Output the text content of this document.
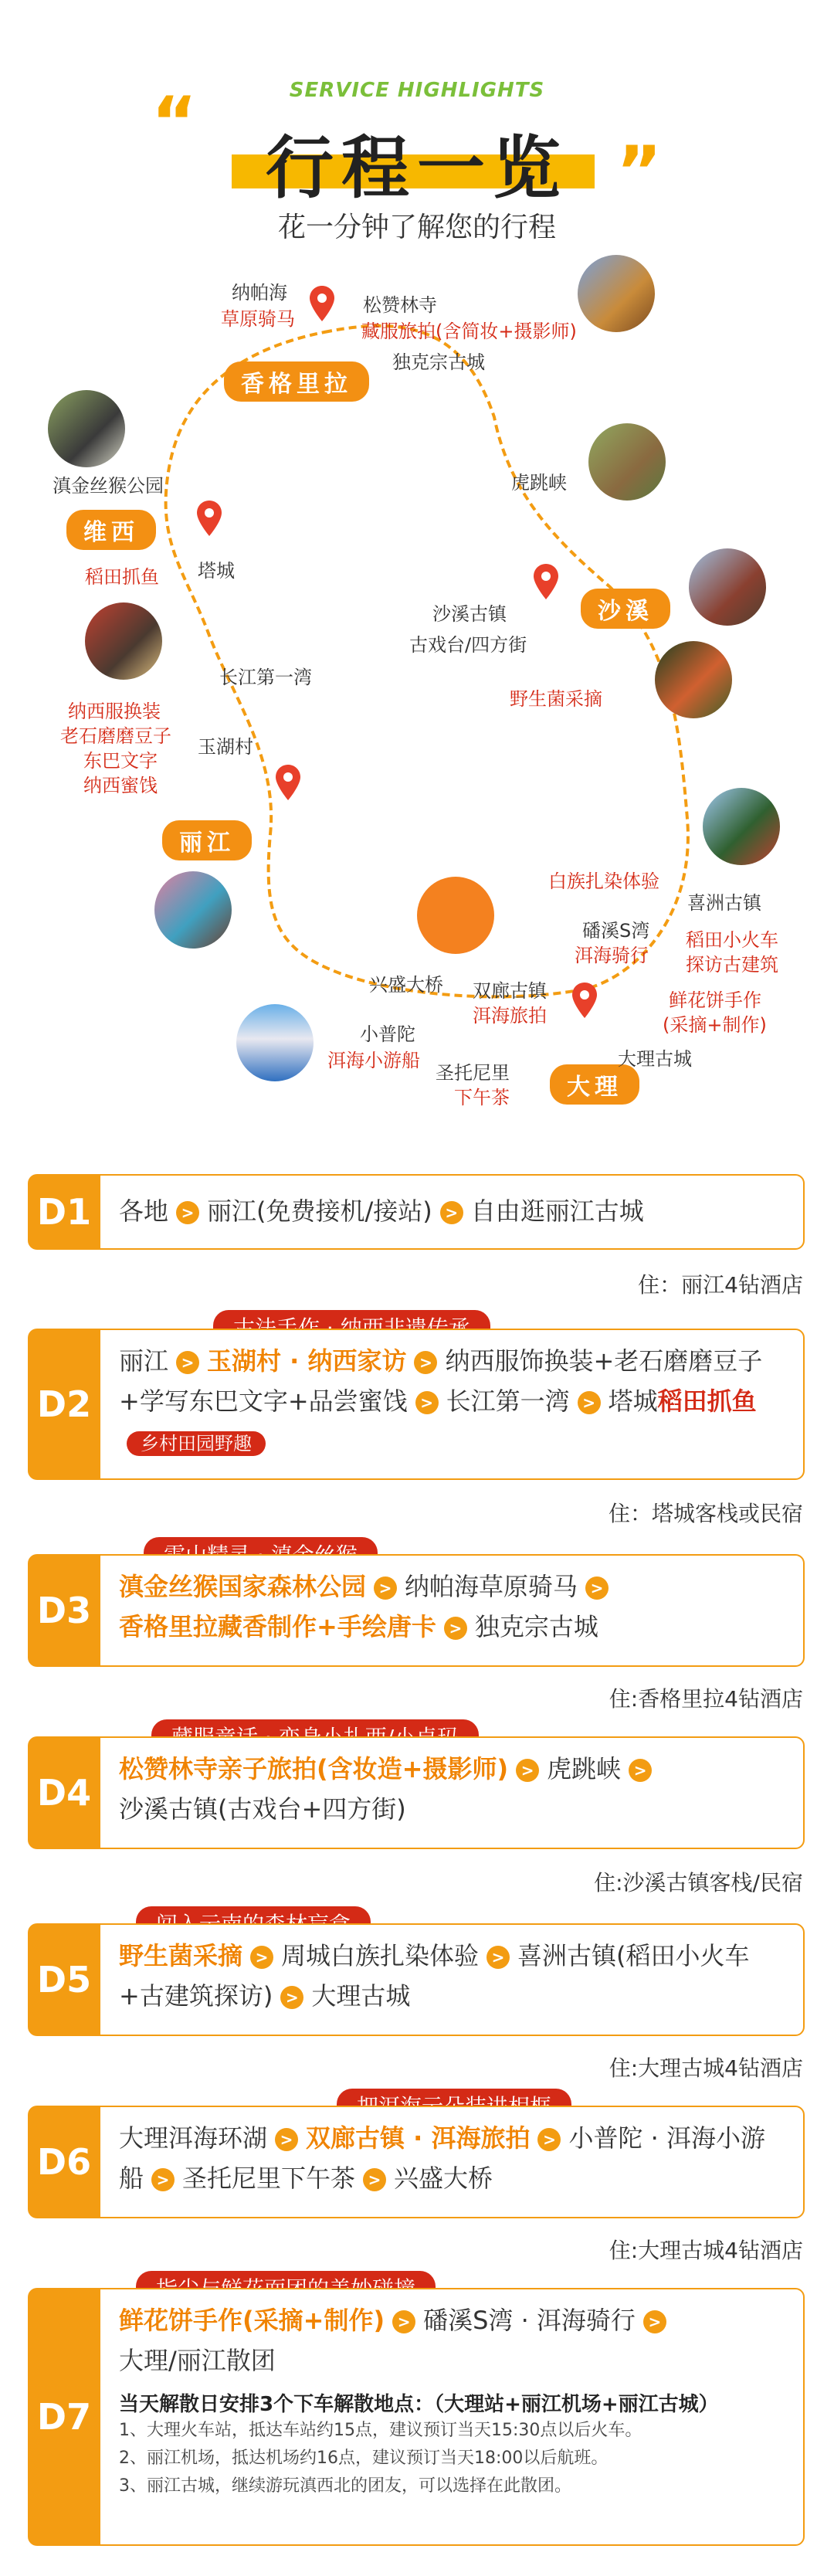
SERVICE HIGHLIGHTS
“
行程一览 ”
花一分钟了解您的行程
香格里拉
维西
沙溪
丽江
大理
纳帕海
草原骑马
松赞林寺
藏服旅拍(含简妆+摄影师)
独克宗古城
滇金丝猴公园	虎跳峡
稻田抓鱼 塔城
沙溪古镇
古戏台/四方街
长江第一湾
野生菌采摘
纳西服换装
老石磨磨豆子
东巴文字
纳西蜜饯
玉湖村
白族扎染体验
喜洲古镇
稻田小火车
探访古建筑
磻溪S湾
洱海骑行
鲜花饼手作
(采摘+制作)
兴盛大桥 双廊古镇
洱海旅拍
小普陀
洱海小游船
圣托尼里
下午茶
大理古城
D1	各地 > 丽江(免费接机/接站) > 自由逛丽江古城
住：丽江4钻酒店
D2
丽江 > 玉湖村 · 纳西家访 > 纳西服饰换装+老石磨磨豆子+学写东巴文字+品尝蜜饯 > 长江第一湾 > 塔城稻田抓鱼 乡村田园野趣
住：塔城客栈或民宿
D3
滇金丝猴国家森林公园 > 纳帕海草原骑马 >
香格里拉藏香制作+手绘唐卡 > 独克宗古城
住:香格里拉4钻酒店
D4
松赞林寺亲子旅拍(含妆造+摄影师) > 虎跳峡 >
沙溪古镇(古戏台+四方街)
住:沙溪古镇客栈/民宿
D5
野生菌采摘 > 周城白族扎染体验 > 喜洲古镇(稻田小火车+古建筑探访) > 大理古城
住:大理古城4钻酒店
D6
大理洱海环湖 > 双廊古镇 · 洱海旅拍 > 小普陀 · 洱海小游船 > 圣托尼里下午茶 > 兴盛大桥
住:大理古城4钻酒店
D7
鲜花饼手作(采摘+制作) > 磻溪S湾 · 洱海骑行 >
大理/丽江散团
当天解散日安排3个下车解散地点：（大理站+丽江机场+丽江古城）
1、大理火车站，抵达车站约15点，建议预订当天15:30点以后火车。
2、丽江机场，抵达机场约16点，建议预订当天18:00以后航班。
3、丽江古城，继续游玩滇西北的团友，可以选择在此散团。
